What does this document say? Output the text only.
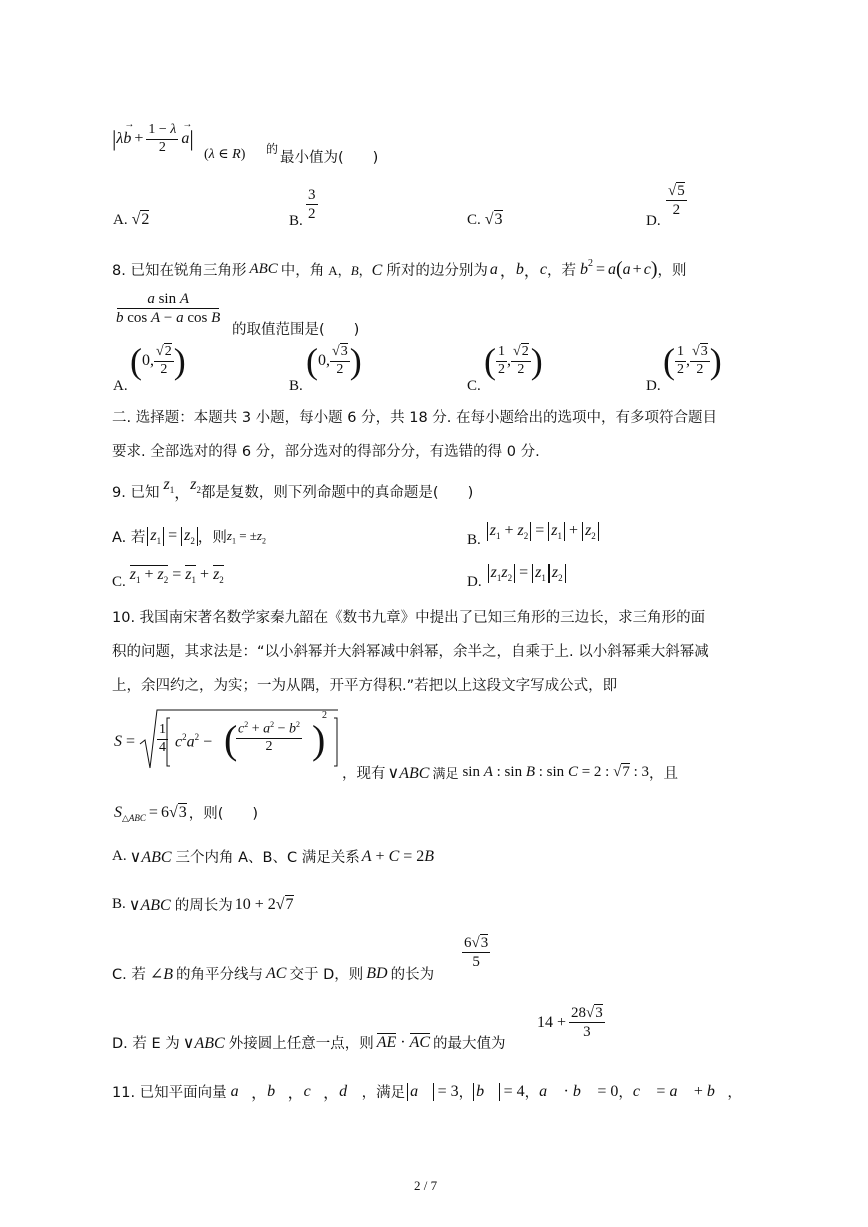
| λ b
→
+ $\frac{1 - \lambda}{2}$ a
→
|
(λ ∈ R) 的
最小值为(　　)
A. √2	B. $\frac{3}{2}$	C. √3	D.
$\frac{√5}{2}$
8. 已知在锐角三角形 ABC 中，角 A，B，C 所对的边分别为 a ， b ， c ，若 b 2 = a ( a + c ) ，则
$\frac{\text{a sin A}}{\text{b cos A − a cos B}}$
的取值范围是(　　)
A.
( 0, $\frac{√2}{2}$ )
B.
( 0, $\frac{√3}{2}$ )
C.
( $\frac{1}{2}$ , $\frac{√2}{2}$ )
D.
( $\frac{1}{2}$ , $\frac{√3}{2}$ )
二. 选择题：本题共 3 小题，每小题 6 分，共 18 分. 在每小题给出的选项中，有多项符合题目
要求. 全部选对的得 6 分，部分选对的得部分分，有选错的得 0 分.
9. 已知
$z_1$ ，
$z_2$ 都是复数，则下列命题中的真命题是(　　)
A. 若 $z_1 = z_2$ ，则 $z_1 = \pm z_2$	B.
$z_1 + z_2 = z_1 + z_2$
C. $z_1 + z_2 = z_1 + z_2$	D.
$z_1z_2 = z_1$ $z_2$
10. 我国南宋著名数学家秦九韶在《数书九章》中提出了已知三角形的三边长，求三角形的面
积的问题，其求法是：“以小斜幂并大斜幂减中斜幂，余半之，自乘于上. 以小斜幂乘大斜幂减
上，余四约之，为实；一为从隅，开平方得积.”若把以上这段文字写成公式，即
$S = \frac{1}{4} c^2a^2$ − (
$\frac{c^2 + a^2 - b^2}{2}$ )
2
，现有 ∨ABC 满足 sin A : sin B : sin C = 2 : √7 : 3 ，且
S △ABC = 6√3 ，则(　　)
A. ∨ABC 三个内角 A、B、C 满足关系 A + C = 2B
B. ∨ABC 的周长为 10 + 2√7
C. 若 ∠B 的角平分线与 AC 交于 D，则 BD 的长为
$\frac{6√3}{5}$
D. 若 E 为 ∨ABC 外接圆上任意一点，则 AE · AC 的最大值为
$14 + \frac{28√3}{3}$
11. 已知平面向量 a⃗ ， b⃗ ， c⃗ ， d⃗ ，满足 a⃗ = 3 ， b⃗ = 4 ， a⃗ · b⃗ = 0 ， c⃗ = a⃗ + b⃗ ，
2 / 7
